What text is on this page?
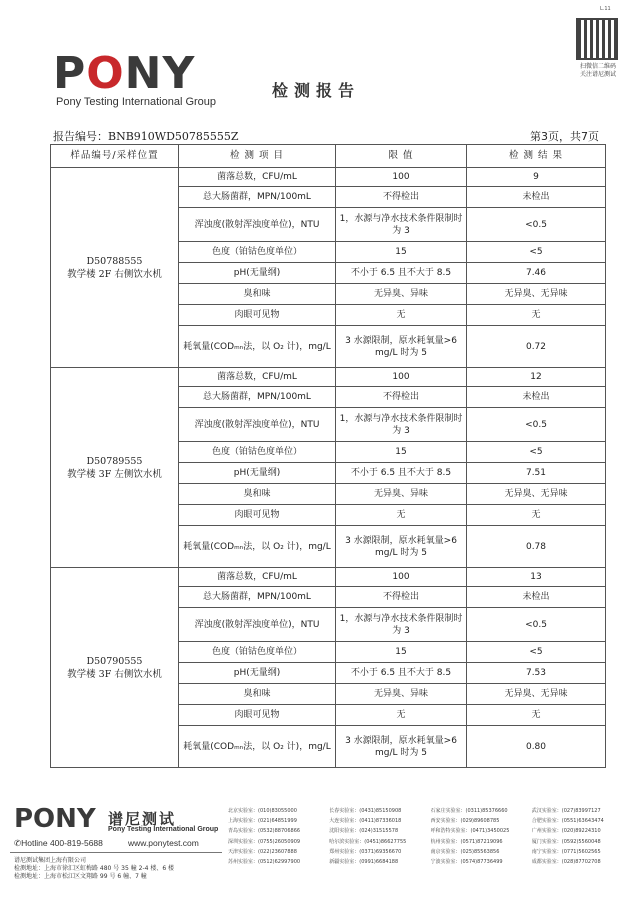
L.11
PONY
Pony Testing International Group
检测报告
扫微信二维码
关注谱尼测试
报告编号：BNB910WD50785555Z	第3页，共7页
样品编号/采样位置	检 测 项 目	限 值	检 测 结 果

D50788555
教学楼 2F 右侧饮水机	菌落总数，CFU/mL	100	9
	总大肠菌群，MPN/100mL	不得检出	未检出
	浑浊度(散射浑浊度单位)，NTU	1，水源与净水技术条件限制时为 3	<0.5
	色度（铂钴色度单位）	15	<5
	pH(无量纲)	不小于 6.5 且不大于 8.5	7.46
	臭和味	无异臭、异味	无异臭、无异味
	肉眼可见物	无	无
	耗氧量(CODₘₙ法，以 O₂ 计)，mg/L	3 水源限制，原水耗氧量>6 mg/L 时为 5	0.72

D50789555
教学楼 3F 左侧饮水机	菌落总数，CFU/mL	100	12
	总大肠菌群，MPN/100mL	不得检出	未检出
	浑浊度(散射浑浊度单位)，NTU	1，水源与净水技术条件限制时为 3	<0.5
	色度（铂钴色度单位）	15	<5
	pH(无量纲)	不小于 6.5 且不大于 8.5	7.51
	臭和味	无异臭、异味	无异臭、无异味
	肉眼可见物	无	无
	耗氧量(CODₘₙ法，以 O₂ 计)，mg/L	3 水源限制，原水耗氧量>6 mg/L 时为 5	0.78

D50790555
教学楼 3F 右侧饮水机	菌落总数，CFU/mL	100	13
	总大肠菌群，MPN/100mL	不得检出	未检出
	浑浊度(散射浑浊度单位)，NTU	1，水源与净水技术条件限制时为 3	<0.5
	色度（铂钴色度单位）	15	<5
	pH(无量纲)	不小于 6.5 且不大于 8.5	7.53
	臭和味	无异臭、异味	无异臭、无异味
	肉眼可见物	无	无
	耗氧量(CODₘₙ法，以 O₂ 计)，mg/L	3 水源限制，原水耗氧量>6 mg/L 时为 5	0.80
PONY 谱尼测试
Pony Testing International Group
✆Hotline 400-819-5688	www.ponytest.com
谱尼测试集团上海有限公司
检测地址：上海市徐汇区虹梅路 480 号 35 幢 2-4 楼、6 楼
检测地址：上海市松江区文翔路 99 号 6 幢、7 幢
北京实验室：(010)83055000	长春实验室：(0431)85150908	石家庄实验室：(0311)85376660	武汉实验室：(027)83997127
上海实验室：(021)64851999	大连实验室：(0411)87336018	西安实验室：(029)89608785	合肥实验室：(0551)63643474
青岛实验室：(0532)88706866	沈阳实验室：(024)31515578	呼和浩特实验室：(0471)3450025	广州实验室：(020)89224310
深圳实验室：(0755)26050909	哈尔滨实验室：(0451)86627755	杭州实验室：(0571)87219096	厦门实验室：(0592)5560048
天津实验室：(022)23607888	郑州实验室：(0371)69356670	南京实验室：(025)85563856	南宁实验室：(0771)5602565
苏州实验室：(0512)62997900	新疆实验室：(0991)6684188	宁波实验室：(0574)87736499	成都实验室：(028)87702708
